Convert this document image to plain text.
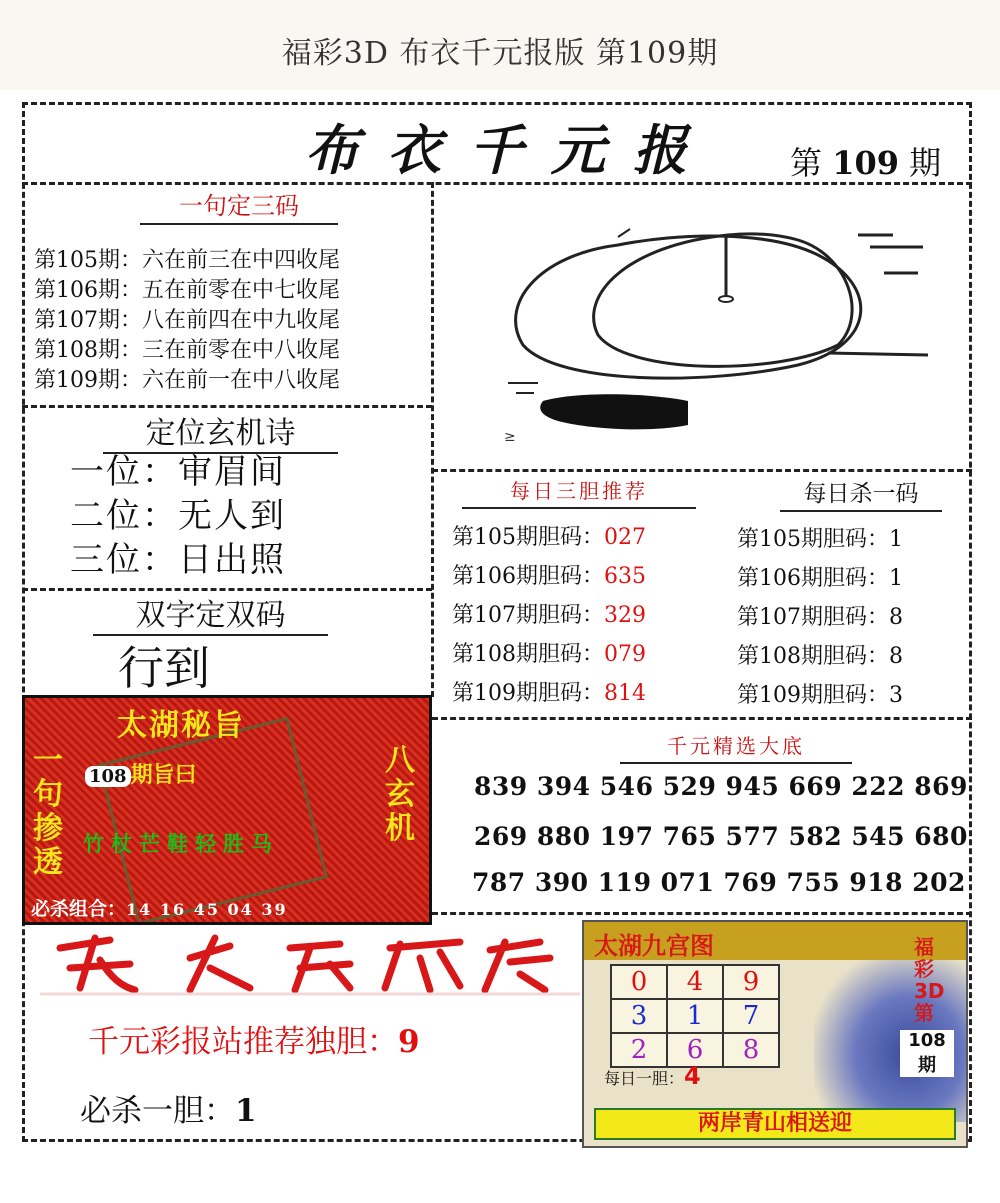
福彩3D 布衣千元报版 第109期
布衣千元报 第 109 期
一句定三码
第105期：六在前三在中四收尾
第106期：五在前零在中七收尾
第107期：八在前四在中九收尾
第108期：三在前零在中八收尾
第109期：六在前一在中八收尾
定位玄机诗
一位：审眉间
二位：无人到
三位：日出照
双字定双码
行到
≥
每日三胆推荐
第105期胆码：027
第106期胆码：635
第107期胆码：329
第108期胆码：079
第109期胆码：814
每日杀一码
第105期胆码：1
第106期胆码：1
第107期胆码：8
第108期胆码：8
第109期胆码：3
千元精选大底
839 394 546 529 945 669 222 869
269 880 197 765 577 582 545 680
787 390 119 071 769 755 918 202
太湖秘旨
一句掺透
八玄机
108 期旨曰
竹杖芒鞋轻胜马
必杀组合：14 16 45 04 39
千元彩报站推荐独胆：9
必杀一胆：1
太湖九宫图	福彩3D第
108期
0	4	9
3	1	7
2	6	8
每日一胆：4
两岸青山相送迎
